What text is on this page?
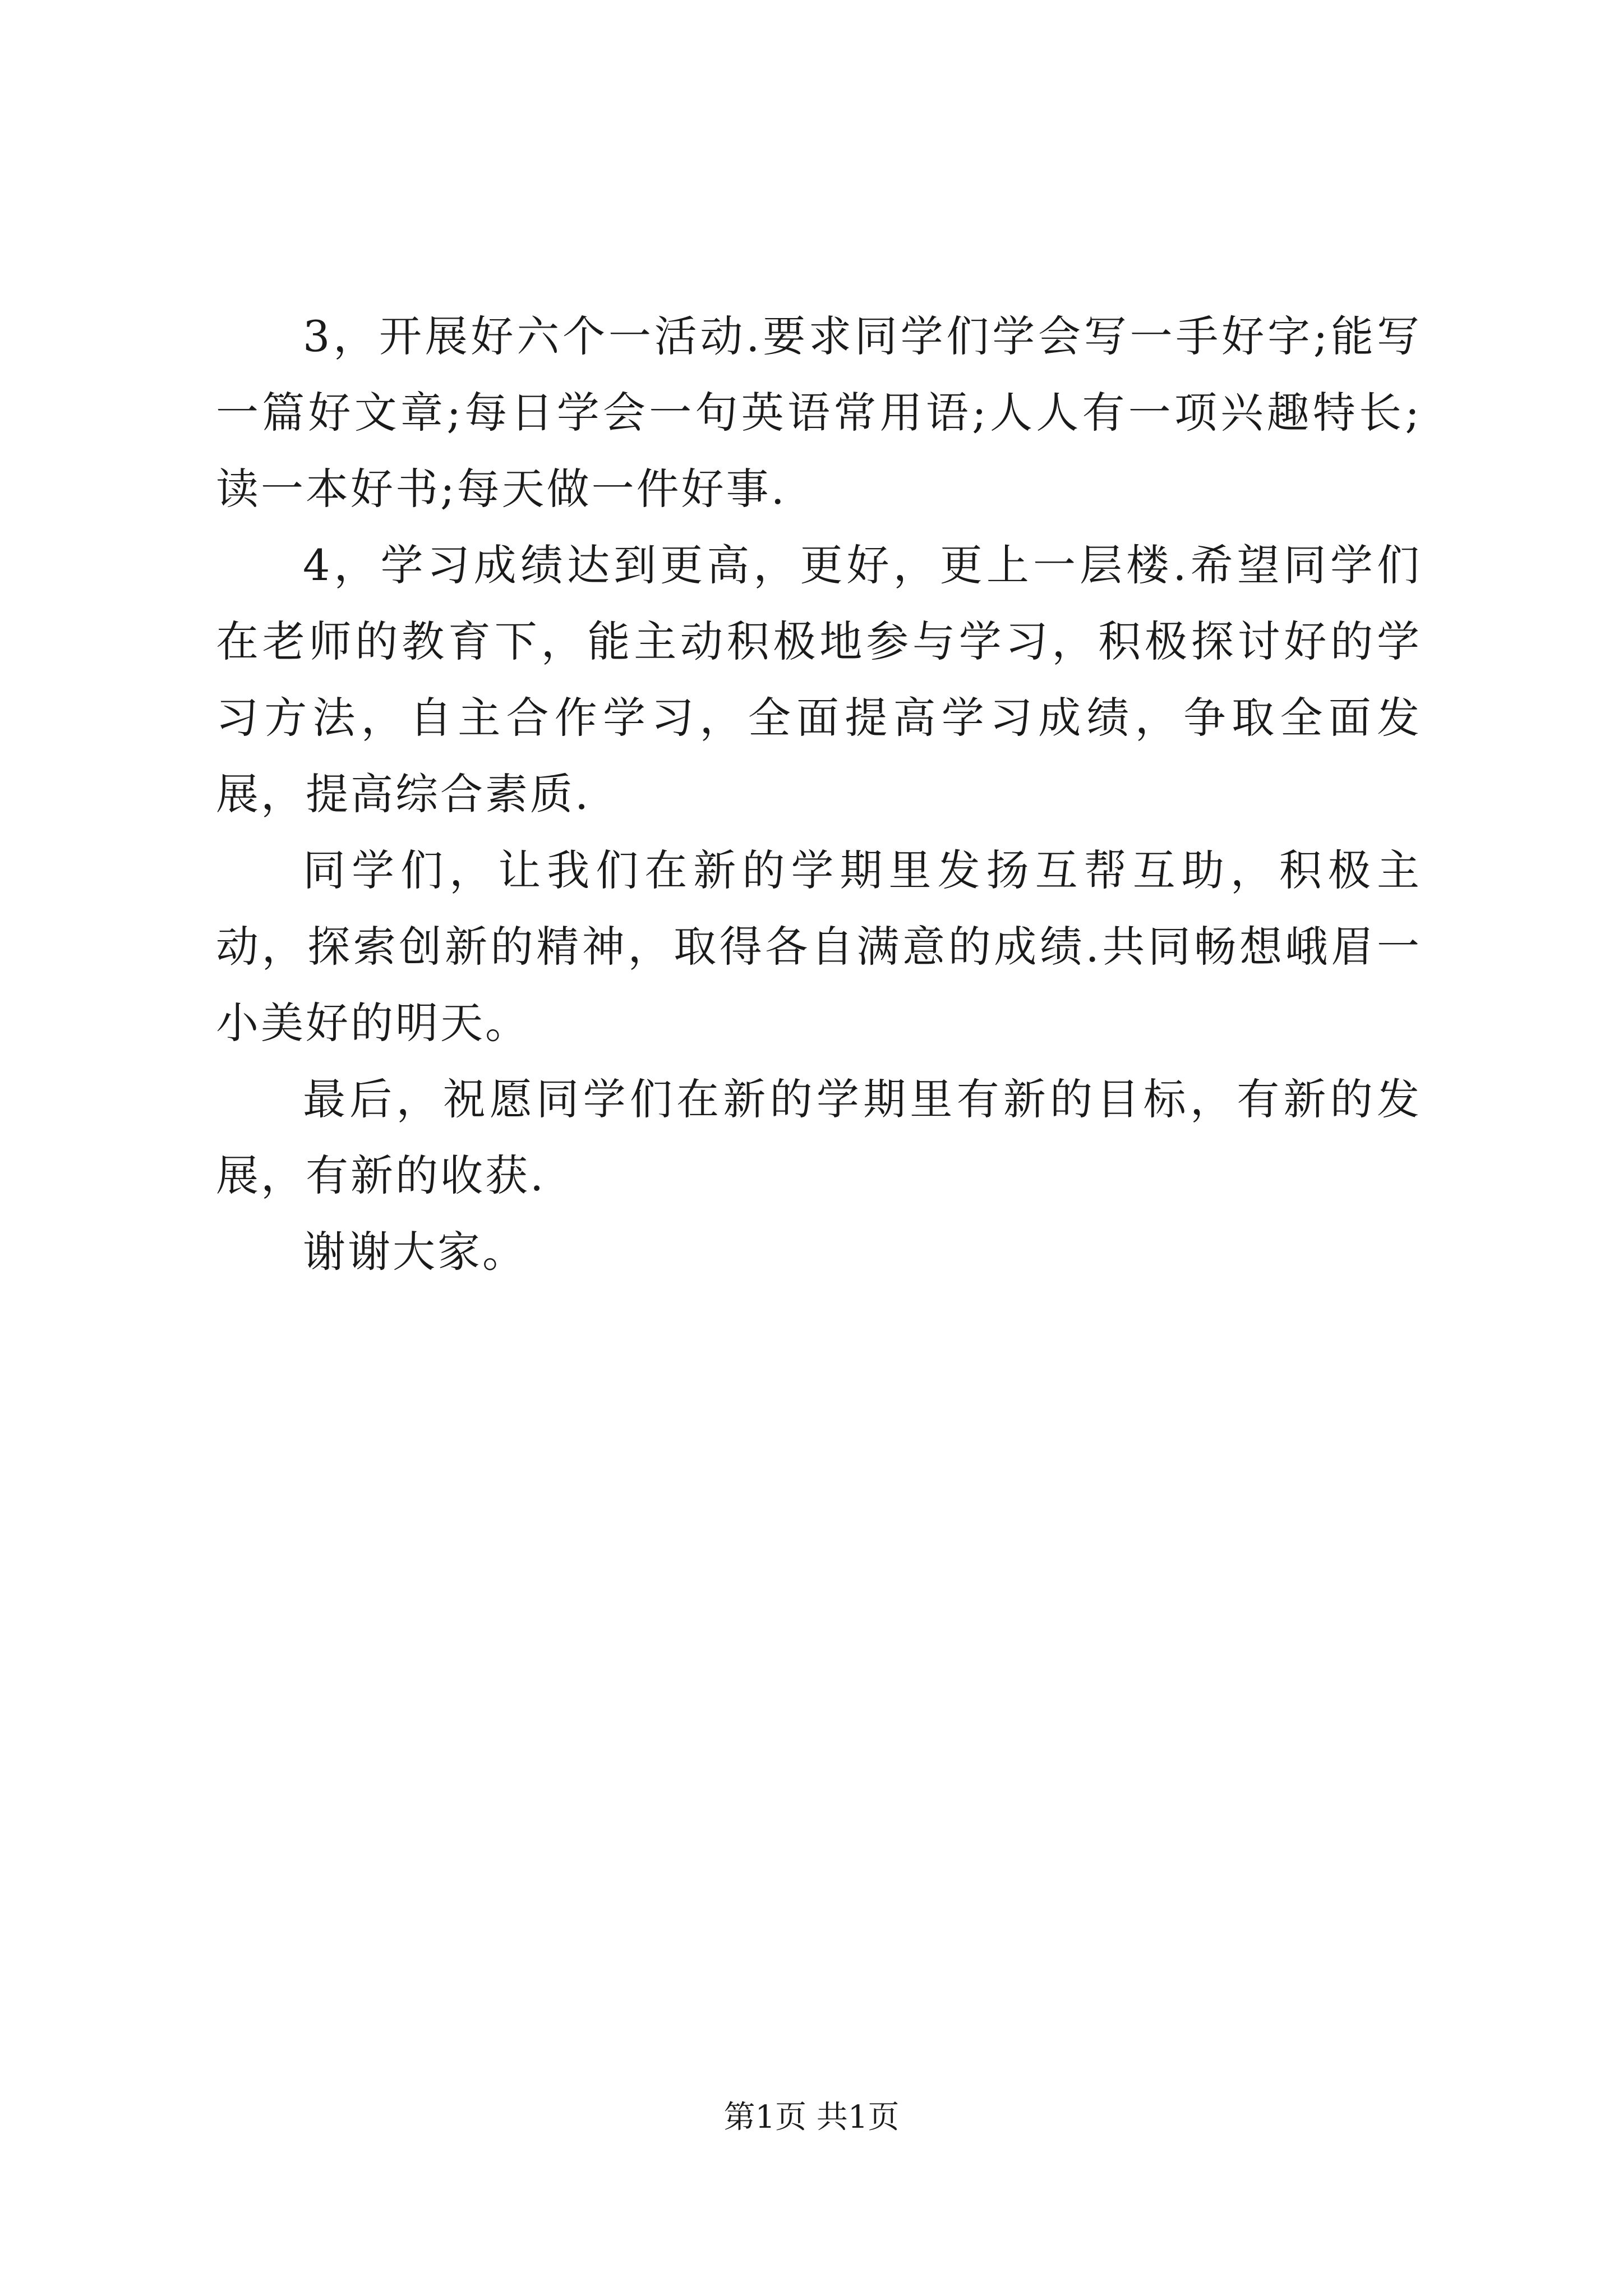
3，开展好六个一活动.要求同学们学会写一手好字;能写一篇好文章;每日学会一句英语常用语;人人有一项兴趣特长;读一本好书;每天做一件好事.

4，学习成绩达到更高，更好，更上一层楼.希望同学们在老师的教育下，能主动积极地参与学习，积极探讨好的学习方法，自主合作学习，全面提高学习成绩，争取全面发展，提高综合素质.

同学们，让我们在新的学期里发扬互帮互助，积极主动，探索创新的精神，取得各自满意的成绩.共同畅想峨眉一小美好的明天。

最后，祝愿同学们在新的学期里有新的目标，有新的发展，有新的收获.

谢谢大家。

第1页 共1页
